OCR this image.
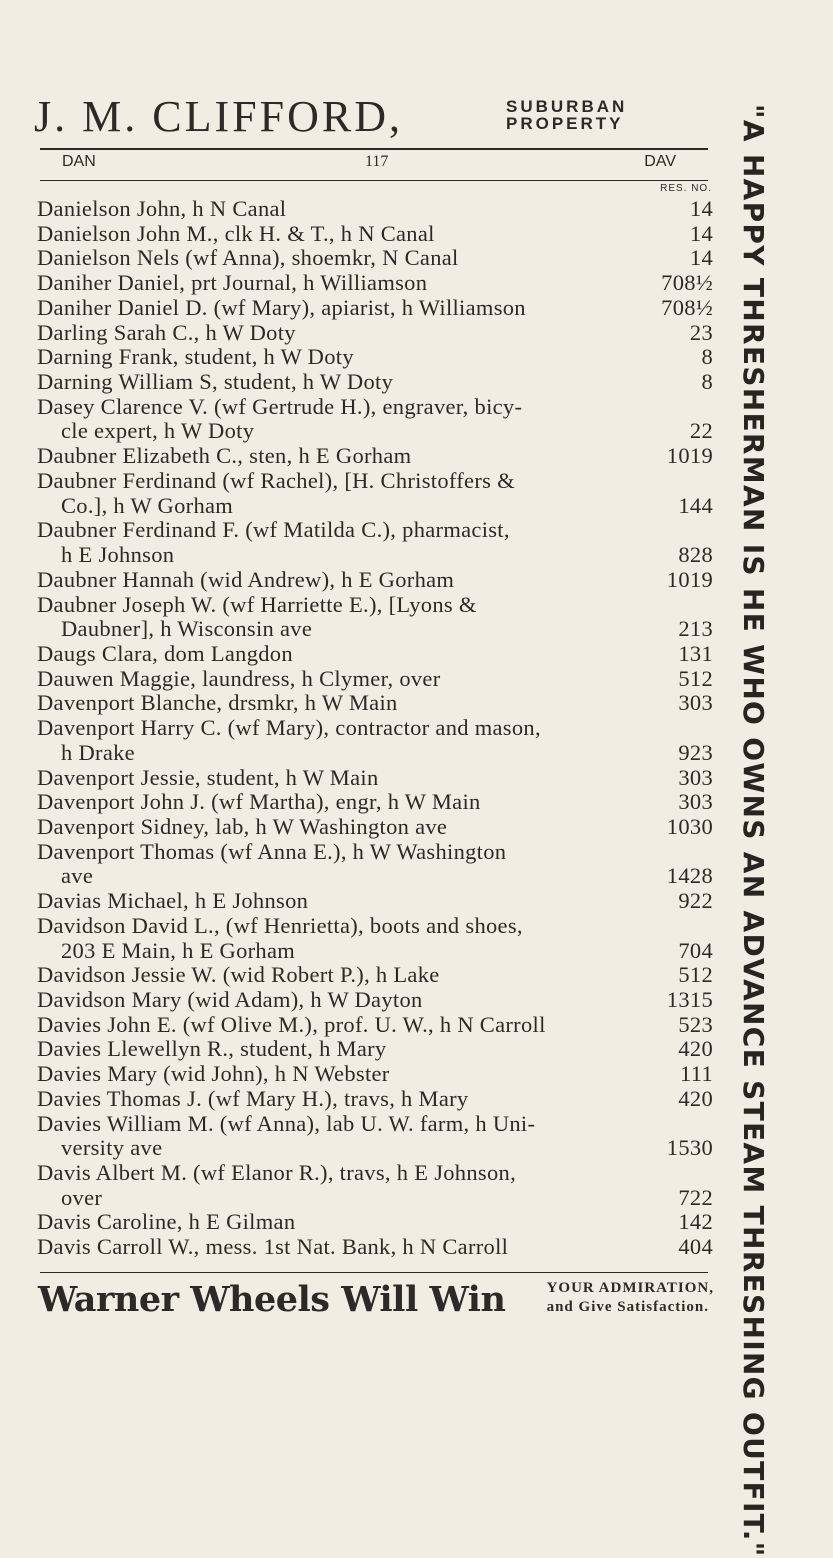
J. M. CLIFFORD,	SUBURBAN
PROPERTY
DAN	117	DAV
RES. NO.
Danielson John, h N Canal	14
Danielson John M., clk H. & T., h N Canal	14
Danielson Nels (wf Anna), shoemkr, N Canal	14
Daniher Daniel, prt Journal, h Williamson	708½
Daniher Daniel D. (wf Mary), apiarist, h Williamson	708½
Darling Sarah C., h W Doty	23
Darning Frank, student, h W Doty	8
Darning William S, student, h W Doty	8
Dasey Clarence V. (wf Gertrude H.), engraver, bicy-
cle expert, h W Doty	22
Daubner Elizabeth C., sten, h E Gorham	1019
Daubner Ferdinand (wf Rachel), [H. Christoffers &
Co.], h W Gorham	144
Daubner Ferdinand F. (wf Matilda C.), pharmacist,
h E Johnson	828
Daubner Hannah (wid Andrew), h E Gorham	1019
Daubner Joseph W. (wf Harriette E.), [Lyons &
Daubner], h Wisconsin ave	213
Daugs Clara, dom Langdon	131
Dauwen Maggie, laundress, h Clymer, over	512
Davenport Blanche, drsmkr, h W Main	303
Davenport Harry C. (wf Mary), contractor and mason,
h Drake	923
Davenport Jessie, student, h W Main	303
Davenport John J. (wf Martha), engr, h W Main	303
Davenport Sidney, lab, h W Washington ave	1030
Davenport Thomas (wf Anna E.), h W Washington
ave	1428
Davias Michael, h E Johnson	922
Davidson David L., (wf Henrietta), boots and shoes,
203 E Main, h E Gorham	704
Davidson Jessie W. (wid Robert P.), h Lake	512
Davidson Mary (wid Adam), h W Dayton	1315
Davies John E. (wf Olive M.), prof. U. W., h N Carroll	523
Davies Llewellyn R., student, h Mary	420
Davies Mary (wid John), h N Webster	111
Davies Thomas J. (wf Mary H.), travs, h Mary	420
Davies William M. (wf Anna), lab U. W. farm, h Uni-
versity ave	1530
Davis Albert M. (wf Elanor R.), travs, h E Johnson,
over	722
Davis Caroline, h E Gilman	142
Davis Carroll W., mess. 1st Nat. Bank, h N Carroll	404
Warner Wheels Will Win	YOUR ADMIRATION,
and Give Satisfaction. "A HAPPY THRESHERMAN IS HE WHO OWNS AN ADVANCE STEAM THRESHING OUTFIT."
